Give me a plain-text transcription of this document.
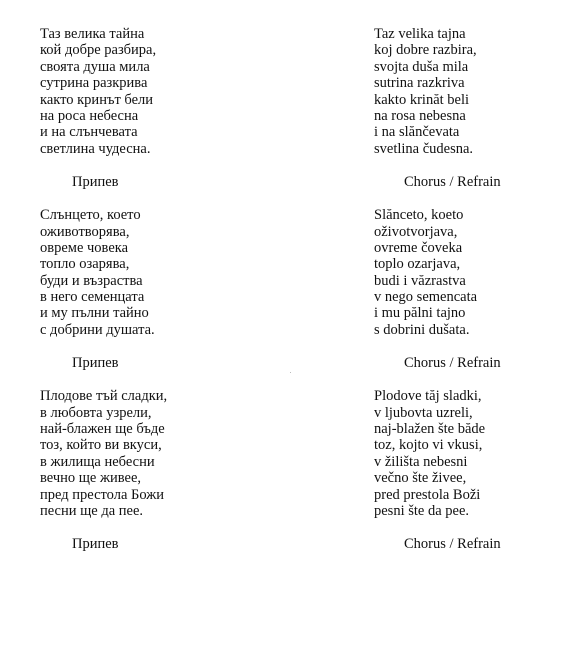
Таз велика тайна
кой добре разбира,
своята душа мила
сутрина разкрива
както кринът бели
на роса небесна
и на слънчевата
светлина чудесна.
Припев
Слънцето, което
оживотворява,
овреме човека
топло озарява,
буди и възраства
в него семенцата
и му пълни тайно
с добрини душата.
Припев
Плодове тъй сладки,
в любовта узрели,
най-блажен ще бъде
тоз, който ви вкуси,
в жилища небесни
вечно ще живее,
пред престола Божи
песни ще да пее.
Припев
Taz velika tajna
koj dobre razbira,
svojta duša mila
sutrina razkriva
kakto krinăt beli
na rosa nebesna
i na slănčevata
svetlina čudesna.
Chorus / Refrain
Slănceto, koeto
oživotvorjava,
ovreme čoveka
toplo ozarjava,
budi i văzrastva
v nego semencata
i mu pălni tajno
s dobrini dušata.
Chorus / Refrain
Plodove tăj sladki,
v ljubovta uzreli,
naj-blažen šte băde
toz, kojto vi vkusi,
v žilišta nebesni
večno šte živee,
pred prestola Boži
pesni šte da pee.
Chorus / Refrain
